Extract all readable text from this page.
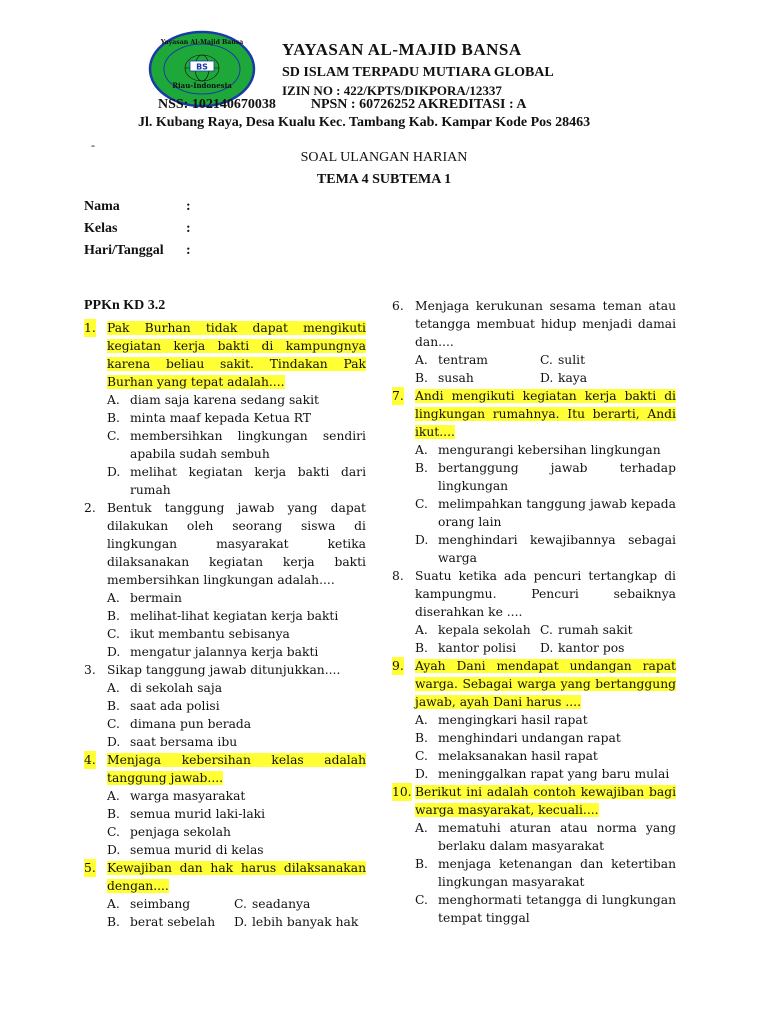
BS
Yayasan Al-Majid Bansa
Riau-Indonesia
YAYASAN AL-MAJID BANSA
SD ISLAM TERPADU MUTIARA GLOBAL
IZIN NO : 422/KPTS/DIKPORA/12337
NSS: 102140670038	NPSN : 60726252 AKREDITASI : A
Jl. Kubang Raya, Desa Kualu Kec. Tambang Kab. Kampar Kode Pos 28463
-
SOAL ULANGAN HARIAN
TEMA 4 SUBTEMA 1
Nama	:
Kelas	:
Hari/Tanggal :
PPKn KD 3.2
1. Pak Burhan tidak dapat mengikuti kegiatan kerja bakti di kampungnya karena beliau sakit. Tindakan Pak Burhan yang tepat adalah....
A. diam saja karena sedang sakit
B. minta maaf kepada Ketua RT
C. membersihkan lingkungan sendiri apabila sudah sembuh
D. melihat kegiatan kerja bakti dari rumah
2. Bentuk tanggung jawab yang dapat dilakukan oleh seorang siswa di lingkungan masyarakat ketika dilaksanakan kegiatan kerja bakti membersihkan lingkungan adalah....
A. bermain
B. melihat-lihat kegiatan kerja bakti
C. ikut membantu sebisanya
D. mengatur jalannya kerja bakti
3. Sikap tanggung jawab ditunjukkan....
A. di sekolah saja
B. saat ada polisi
C. dimana pun berada
D. saat bersama ibu
4. Menjaga kebersihan kelas adalah tanggung jawab....
A. warga masyarakat
B. semua murid laki-laki
C. penjaga sekolah
D. semua murid di kelas
5. Kewajiban dan hak harus dilaksanakan dengan....
A. seimbang	C. seadanya
B. berat sebelah	D. lebih banyak hak
6. Menjaga kerukunan sesama teman atau tetangga membuat hidup menjadi damai dan....
A. tentram	C. sulit
B. susah	D. kaya
7. Andi mengikuti kegiatan kerja bakti di lingkungan rumahnya. Itu berarti, Andi ikut....
A. mengurangi kebersihan lingkungan
B. bertanggung jawab terhadap lingkungan
C. melimpahkan tanggung jawab kepada orang lain
D. menghindari kewajibannya sebagai warga
8. Suatu ketika ada pencuri tertangkap di kampungmu. Pencuri sebaiknya diserahkan ke ....
A. kepala sekolah C. rumah sakit
B. kantor polisi	D. kantor pos
9. Ayah Dani mendapat undangan rapat warga. Sebagai warga yang bertanggung jawab, ayah Dani harus ....
A. mengingkari hasil rapat
B. menghindari undangan rapat
C. melaksanakan hasil rapat
D. meninggalkan rapat yang baru mulai
10. Berikut ini adalah contoh kewajiban bagi warga masyarakat, kecuali....
A. mematuhi aturan atau norma yang berlaku dalam masyarakat
B. menjaga ketenangan dan ketertiban lingkungan masyarakat
C. menghormati tetangga di lungkungan tempat tinggal
